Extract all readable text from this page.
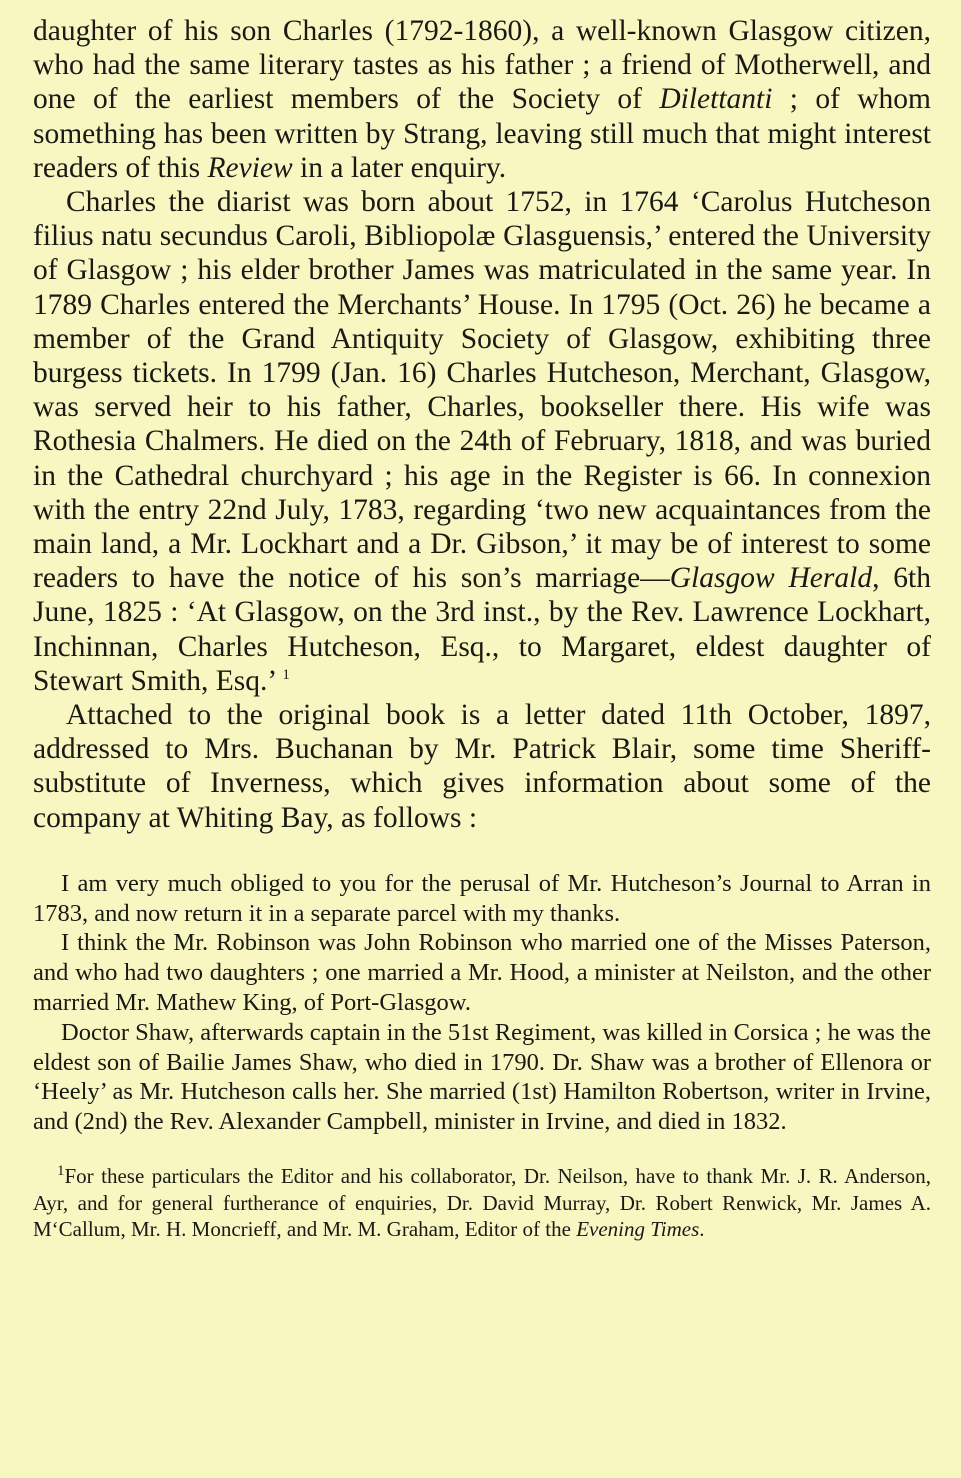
daughter of his son Charles (1792-1860), a well-known Glasgow citizen, who had the same literary tastes as his father ; a friend of Motherwell, and one of the earliest members of the Society of Dilettanti ; of whom something has been written by Strang, leaving still much that might interest readers of this Review in a later enquiry.

Charles the diarist was born about 1752, in 1764 ‘Carolus Hutcheson filius natu secundus Caroli, Bibliopolæ Glasguensis,’ entered the University of Glasgow ; his elder brother James was matriculated in the same year. In 1789 Charles entered the Merchants’ House. In 1795 (Oct. 26) he became a member of the Grand Antiquity Society of Glasgow, exhibiting three burgess tickets. In 1799 (Jan. 16) Charles Hutcheson, Merchant, Glasgow, was served heir to his father, Charles, bookseller there. His wife was Rothesia Chalmers. He died on the 24th of February, 1818, and was buried in the Cathedral churchyard ; his age in the Register is 66. In connexion with the entry 22nd July, 1783, regarding ‘two new acquaintances from the main land, a Mr. Lockhart and a Dr. Gibson,’ it may be of interest to some readers to have the notice of his son’s marriage—Glasgow Herald, 6th June, 1825 : ‘At Glasgow, on the 3rd inst., by the Rev. Lawrence Lockhart, Inchinnan, Charles Hutcheson, Esq., to Margaret, eldest daughter of Stewart Smith, Esq.’ $^1$

Attached to the original book is a letter dated 11th October, 1897, addressed to Mrs. Buchanan by Mr. Patrick Blair, some time Sheriff-substitute of Inverness, which gives information about some of the company at Whiting Bay, as follows :

I am very much obliged to you for the perusal of Mr. Hutcheson’s Journal to Arran in 1783, and now return it in a separate parcel with my thanks.

I think the Mr. Robinson was John Robinson who married one of the Misses Paterson, and who had two daughters ; one married a Mr. Hood, a minister at Neilston, and the other married Mr. Mathew King, of Port-Glasgow.

Doctor Shaw, afterwards captain in the 51st Regiment, was killed in Corsica ; he was the eldest son of Bailie James Shaw, who died in 1790. Dr. Shaw was a brother of Ellenora or ‘Heely’ as Mr. Hutcheson calls her. She married (1st) Hamilton Robertson, writer in Irvine, and (2nd) the Rev. Alexander Campbell, minister in Irvine, and died in 1832.

$^1$For these particulars the Editor and his collaborator, Dr. Neilson, have to thank Mr. J. R. Anderson, Ayr, and for general furtherance of enquiries, Dr. David Murray, Dr. Robert Renwick, Mr. James A. M‘Callum, Mr. H. Moncrieff, and Mr. M. Graham, Editor of the Evening Times.
